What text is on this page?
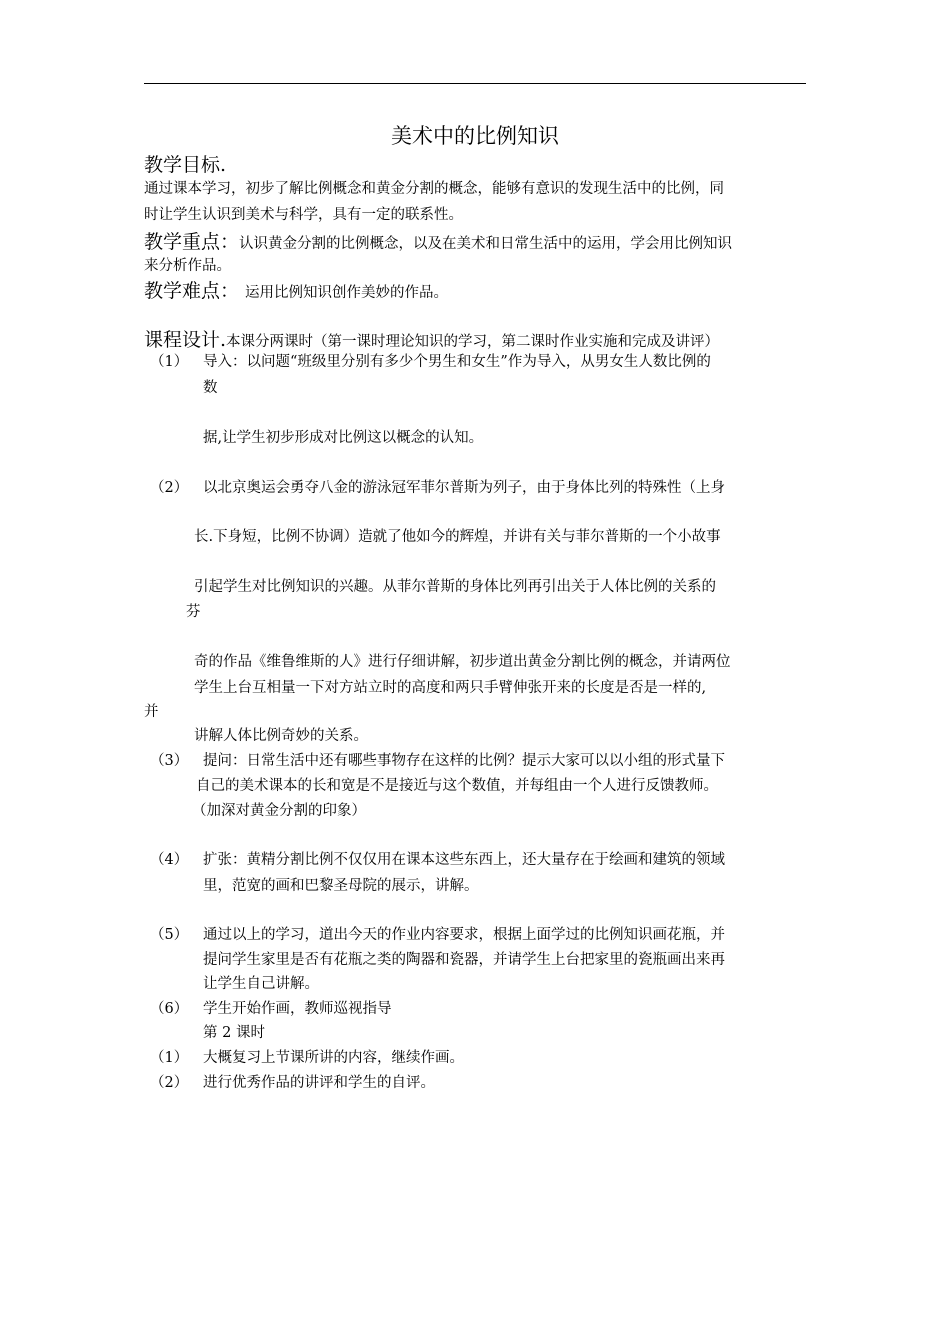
美术中的比例知识
教学目标.
通过课本学习，初步了解比例概念和黄金分割的概念，能够有意识的发现生活中的比例，同
时让学生认识到美术与科学，具有一定的联系性。
教学重点：认识黄金分割的比例概念，以及在美术和日常生活中的运用，学会用比例知识
来分析作品。
教学难点： 运用比例知识创作美妙的作品。
课程设计.本课分两课时（第一课时理论知识的学习，第二课时作业实施和完成及讲评）
（1） 导入：以问题“班级里分别有多少个男生和女生”作为导入，从男女生人数比例的
数
据,让学生初步形成对比例这以概念的认知。
（2） 以北京奥运会勇夺八金的游泳冠军菲尔普斯为列子，由于身体比列的特殊性（上身
长.下身短，比例不协调）造就了他如今的辉煌，并讲有关与菲尔普斯的一个小故事
引起学生对比例知识的兴趣。从菲尔普斯的身体比列再引出关于人体比例的关系的
芬
奇的作品《维鲁维斯的人》进行仔细讲解，初步道出黄金分割比例的概念，并请两位
学生上台互相量一下对方站立时的高度和两只手臂伸张开来的长度是否是一样的,
并
讲解人体比例奇妙的关系。
（3） 提问：日常生活中还有哪些事物存在这样的比例？提示大家可以以小组的形式量下
自己的美术课本的长和宽是不是接近与这个数值，并每组由一个人进行反馈教师。
（加深对黄金分割的印象）
（4） 扩张：黄精分割比例不仅仅用在课本这些东西上，还大量存在于绘画和建筑的领域
里，范宽的画和巴黎圣母院的展示，讲解。
（5） 通过以上的学习，道出今天的作业内容要求，根据上面学过的比例知识画花瓶，并
提问学生家里是否有花瓶之类的陶器和瓷器，并请学生上台把家里的瓷瓶画出来再
让学生自己讲解。
（6） 学生开始作画，教师巡视指导
第 2 课时
（1） 大概复习上节课所讲的内容，继续作画。
（2） 进行优秀作品的讲评和学生的自评。
